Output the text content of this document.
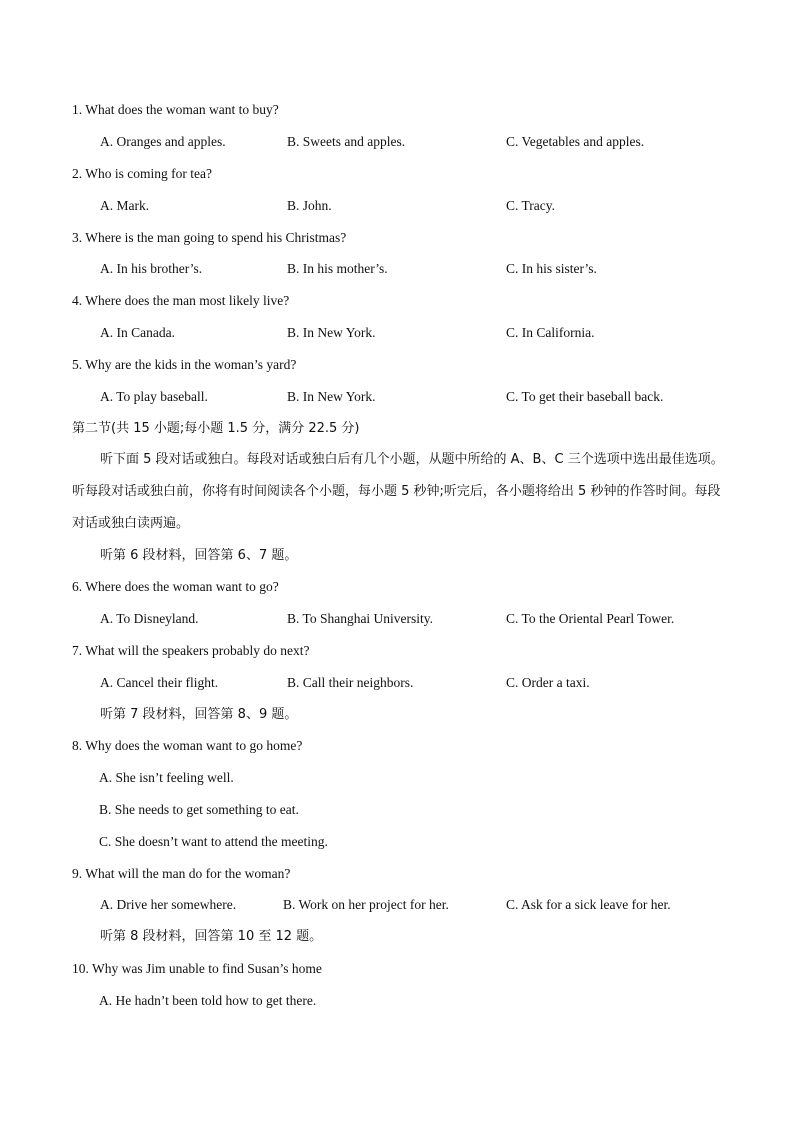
1. What does the woman want to buy?
A. Oranges and apples.	B. Sweets and apples.	C. Vegetables and apples.
2. Who is coming for tea?
A. Mark.	B. John.	C. Tracy.
3. Where is the man going to spend his Christmas?
A. In his brother’s.	B. In his mother’s.	C. In his sister’s.
4. Where does the man most likely live?
A. In Canada.	B. In New York.	C. In California.
5. Why are the kids in the woman’s yard?
A. To play baseball.	B. In New York.	C. To get their baseball back.
第二节(共 15 小题;每小题 1.5 分，满分 22.5 分)
听下面 5 段对话或独白。每段对话或独白后有几个小题，从题中所给的 A、B、C 三个选项中选出最佳选项。听每段对话或独白前，你将有时间阅读各个小题，每小题 5 秒钟;听完后，各小题将给出 5 秒钟的作答时间。每段对话或独白读两遍。
听第 6 段材料，回答第 6、7 题。
6. Where does the woman want to go?
A. To Disneyland.	B. To Shanghai University.	C. To the Oriental Pearl Tower.
7. What will the speakers probably do next?
A. Cancel their flight.	B. Call their neighbors.	C. Order a taxi.
听第 7 段材料，回答第 8、9 题。
8. Why does the woman want to go home?
A. She isn’t feeling well.
B. She needs to get something to eat.
C. She doesn’t want to attend the meeting.
9. What will the man do for the woman?
A. Drive her somewhere.	B. Work on her project for her.	C. Ask for a sick leave for her.
听第 8 段材料，回答第 10 至 12 题。
10. Why was Jim unable to find Susan’s home
A. He hadn’t been told how to get there.
